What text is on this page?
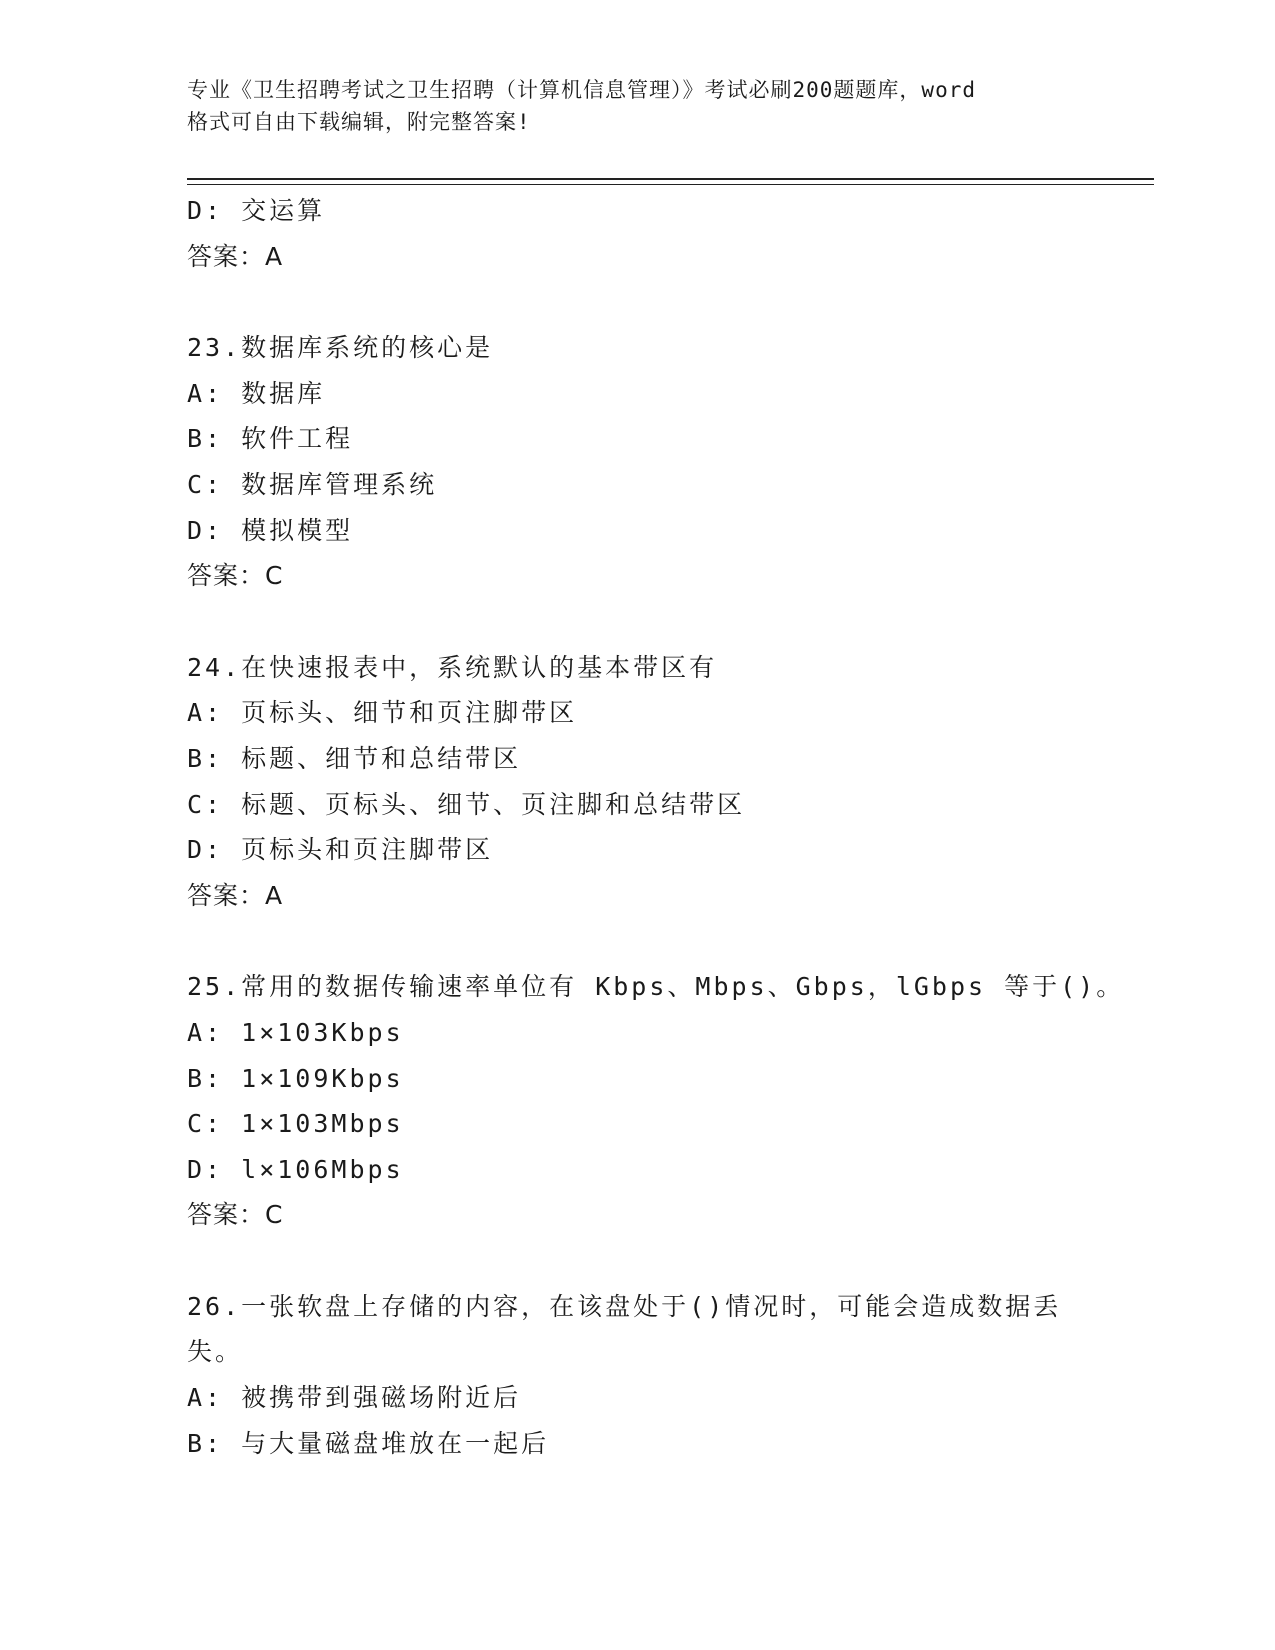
专业《卫生招聘考试之卫生招聘（计算机信息管理）》考试必刷200题题库，word
格式可自由下载编辑，附完整答案!
D: 交运算
答案：A
23.数据库系统的核心是
A: 数据库
B: 软件工程
C: 数据库管理系统
D: 模拟模型
答案：C
24.在快速报表中，系统默认的基本带区有
A: 页标头、细节和页注脚带区
B: 标题、细节和总结带区
C: 标题、页标头、细节、页注脚和总结带区
D: 页标头和页注脚带区
答案：A
25.常用的数据传输速率单位有 Kbps、Mbps、Gbps，lGbps 等于()。
A: 1×103Kbps
B: 1×109Kbps
C: 1×103Mbps
D: l×106Mbps
答案：C
26.一张软盘上存储的内容，在该盘处于()情况时，可能会造成数据丢
失。
A: 被携带到强磁场附近后
B: 与大量磁盘堆放在一起后
